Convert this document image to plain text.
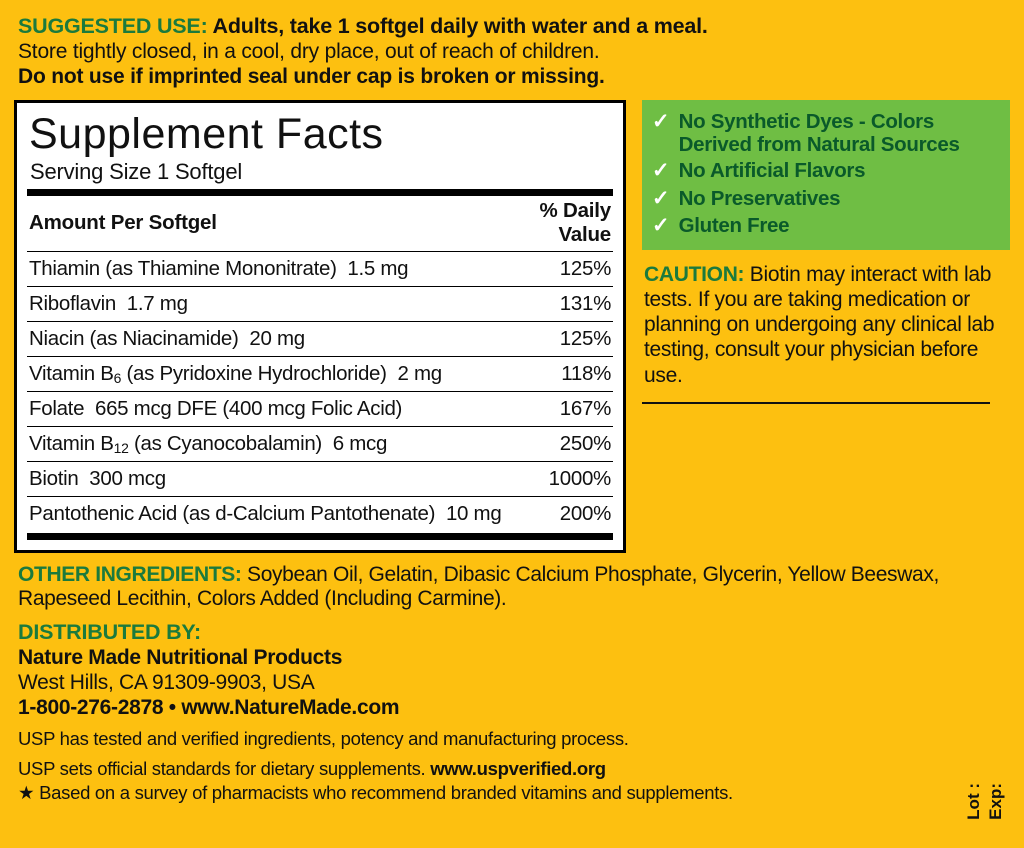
SUGGESTED USE: Adults, take 1 softgel daily with water and a meal.
Store tightly closed, in a cool, dry place, out of reach of children.
Do not use if imprinted seal under cap is broken or missing.
Supplement Facts
Serving Size 1 Softgel
Amount Per Softgel	% Daily Value
Thiamin (as Thiamine Mononitrate)  1.5 mg	125%
Riboflavin  1.7 mg	131%
Niacin (as Niacinamide)  20 mg	125%
Vitamin $B_6$ (as Pyridoxine Hydrochloride)  2 mg	118%
Folate  665 mcg DFE (400 mcg Folic Acid)	167%
Vitamin $B_{12}$ (as Cyanocobalamin)  6 mcg	250%
Biotin  300 mcg	1000%
Pantothenic Acid (as d-Calcium Pantothenate)  10 mg	200%
✓ No Synthetic Dyes - Colors Derived from Natural Sources
✓ No Artificial Flavors
✓ No Preservatives
✓ Gluten Free
CAUTION: Biotin may interact with lab tests. If you are taking medication or planning on undergoing any clinical lab testing, consult your physician before use.
OTHER INGREDIENTS: Soybean Oil, Gelatin, Dibasic Calcium Phosphate, Glycerin, Yellow Beeswax, Rapeseed Lecithin, Colors Added (Including Carmine).
DISTRIBUTED BY:
Nature Made Nutritional Products
West Hills, CA 91309-9903, USA
1-800-276-2878 • www.NatureMade.com
USP has tested and verified ingredients, potency and manufacturing process.
USP sets official standards for dietary supplements. www.uspverified.org
★ Based on a survey of pharmacists who recommend branded vitamins and supplements.	Lot : Exp:
